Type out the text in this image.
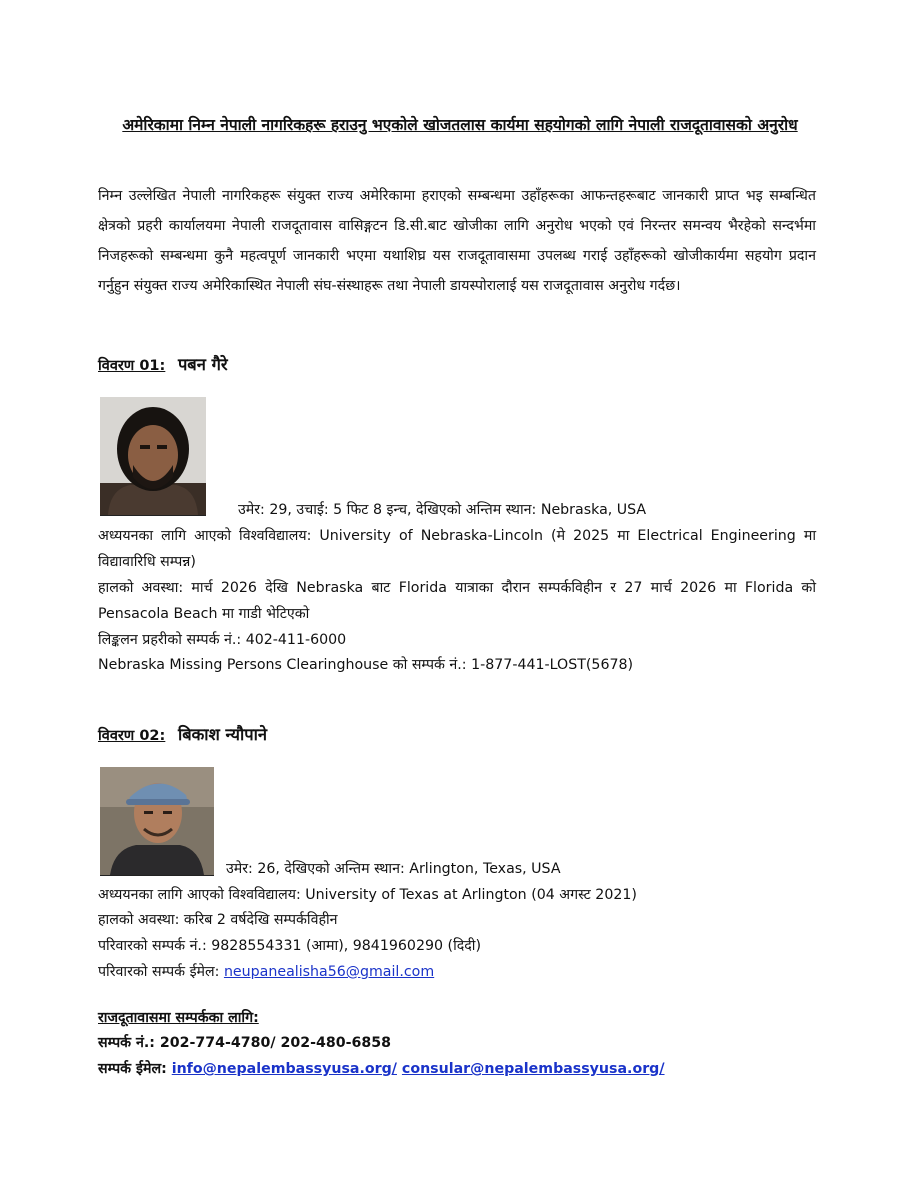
अमेरिकामा निम्न नेपाली नागरिकहरू हराउनु भएकोले खोजतलास कार्यमा सहयोगको लागि नेपाली राजदूतावासको अनुरोध
निम्न उल्लेखित नेपाली नागरिकहरू संयुक्त राज्य अमेरिकामा हराएको सम्बन्धमा उहाँहरूका आफन्तहरूबाट जानकारी प्राप्त भइ सम्बन्धित क्षेत्रको प्रहरी कार्यालयमा नेपाली राजदूतावास वासिङ्गटन डि.सी.बाट खोजीका लागि अनुरोध भएको एवं निरन्तर समन्वय भैरहेको सन्दर्भमा निजहरूको सम्बन्धमा कुनै महत्वपूर्ण जानकारी भएमा यथाशिघ्र यस राजदूतावासमा उपलब्ध गराई उहाँहरूको खोजीकार्यमा सहयोग प्रदान गर्नुहुन संयुक्त राज्य अमेरिकास्थित नेपाली संघ-संस्थाहरू तथा नेपाली डायस्पोरालाई यस राजदूतावास अनुरोध गर्दछ।
विवरण 01: पबन गैरे
उमेर: 29, उचाई: 5 फिट 8 इन्च, देखिएको अन्तिम स्थान: Nebraska, USA
अध्ययनका लागि आएको विश्वविद्यालय: University of Nebraska-Lincoln (मे 2025 मा Electrical Engineering मा विद्यावारिधि सम्पन्न)
हालको अवस्था: मार्च 2026 देखि Nebraska बाट Florida यात्राका दौरान सम्पर्कविहीन र 27 मार्च 2026 मा Florida को Pensacola Beach मा गाडी भेटिएको
लिङ्कलन प्रहरीको सम्पर्क नं.: 402-411-6000
Nebraska Missing Persons Clearinghouse को सम्पर्क नं.: 1-877-441-LOST(5678)
विवरण 02: बिकाश न्यौपाने
उमेर: 26, देखिएको अन्तिम स्थान: Arlington, Texas, USA
अध्ययनका लागि आएको विश्वविद्यालय: University of Texas at Arlington (04 अगस्ट 2021)
हालको अवस्था: करिब 2 वर्षदेखि सम्पर्कविहीन
परिवारको सम्पर्क नं.: 9828554331 (आमा), 9841960290 (दिदी)
परिवारको सम्पर्क ईमेल: neupanealisha56@gmail.com
राजदूतावासमा सम्पर्कका लागि:
सम्पर्क नं.: 202-774-4780/ 202-480-6858
सम्पर्क ईमेल: info@nepalembassyusa.org/ consular@nepalembassyusa.org/
